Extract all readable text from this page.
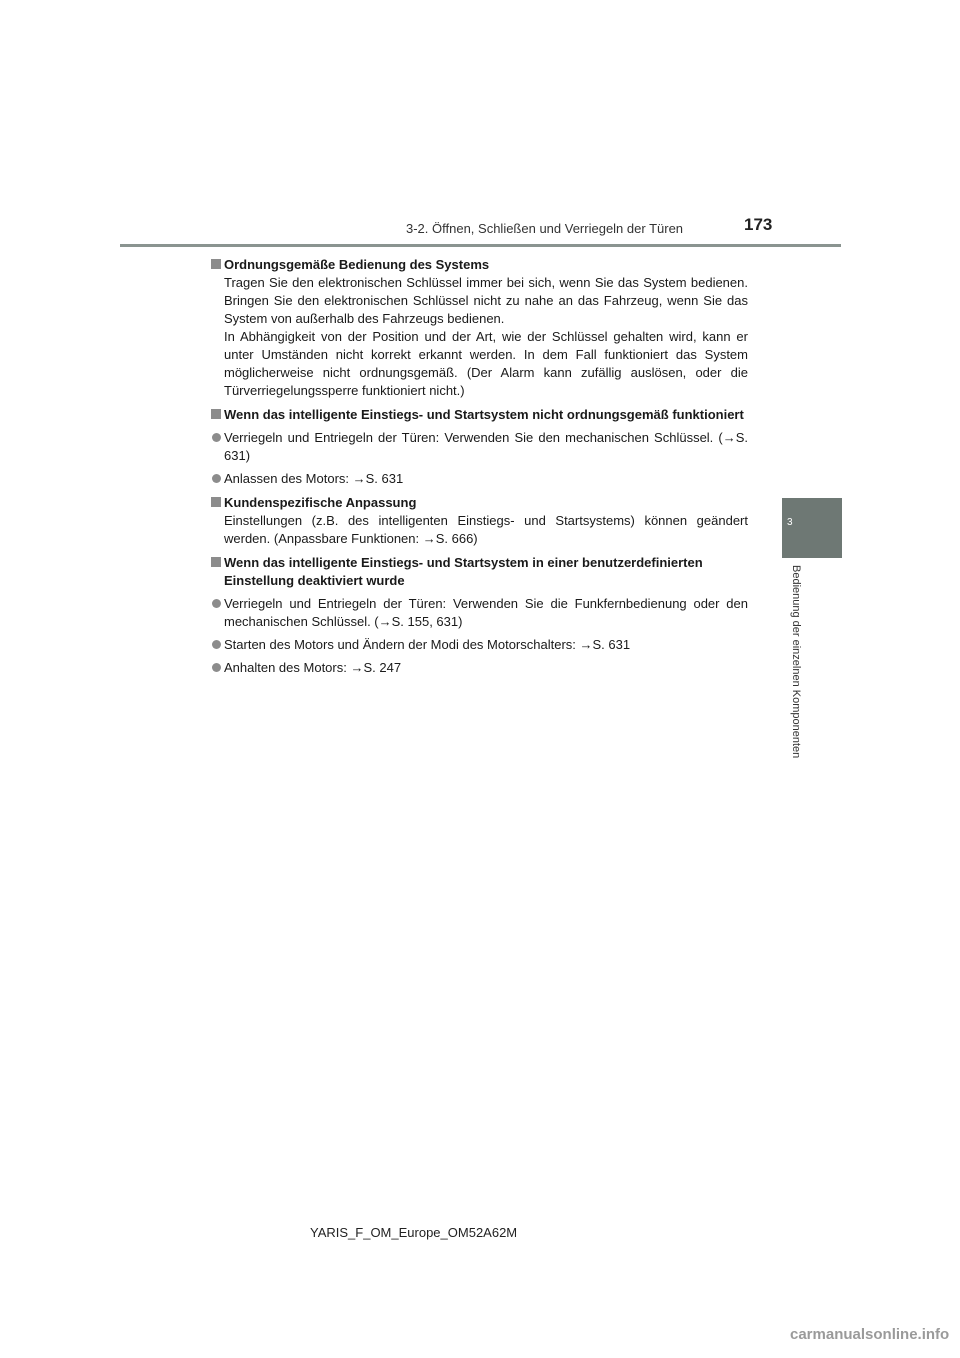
3-2. Öffnen, Schließen und Verriegeln der Türen	173
3
Bedienung der einzelnen Komponenten
Ordnungsgemäße Bedienung des Systems
Tragen Sie den elektronischen Schlüssel immer bei sich, wenn Sie das System bedienen. Bringen Sie den elektronischen Schlüssel nicht zu nahe an das Fahrzeug, wenn Sie das System von außerhalb des Fahrzeugs bedienen.
In Abhängigkeit von der Position und der Art, wie der Schlüssel gehalten wird, kann er unter Umständen nicht korrekt erkannt werden. In dem Fall funktioniert das System möglicherweise nicht ordnungsgemäß. (Der Alarm kann zufällig auslösen, oder die Türverriegelungssperre funktioniert nicht.)
Wenn das intelligente Einstiegs- und Startsystem nicht ordnungsgemäß funktioniert
Verriegeln und Entriegeln der Türen: Verwenden Sie den mechanischen Schlüssel. (→S. 631)
Anlassen des Motors: →S. 631
Kundenspezifische Anpassung
Einstellungen (z.B. des intelligenten Einstiegs- und Startsystems) können geändert werden. (Anpassbare Funktionen: →S. 666)
Wenn das intelligente Einstiegs- und Startsystem in einer benutzerdefinierten Einstellung deaktiviert wurde
Verriegeln und Entriegeln der Türen: Verwenden Sie die Funkfernbedienung oder den mechanischen Schlüssel. (→S. 155, 631)
Starten des Motors und Ändern der Modi des Motorschalters: →S. 631
Anhalten des Motors: →S. 247
YARIS_F_OM_Europe_OM52A62M
carmanualsonline.info
